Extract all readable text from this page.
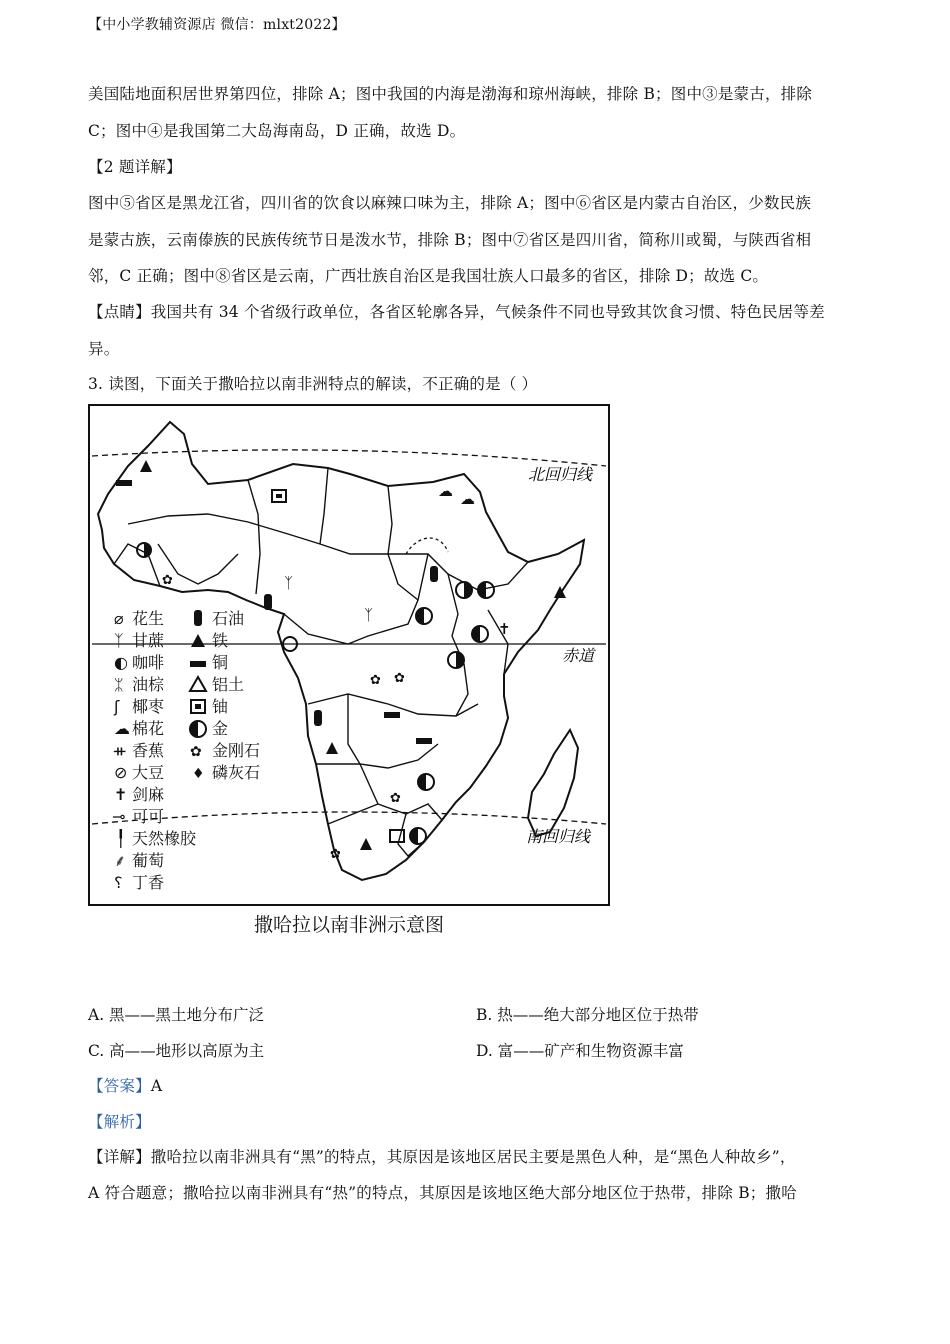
【中小学教辅资源店 微信：mlxt2022】
美国陆地面积居世界第四位，排除 A；图中我国的内海是渤海和琼州海峡，排除 B；图中③是蒙古，排除
C；图中④是我国第二大岛海南岛，D 正确，故选 D。
【2 题详解】
图中⑤省区是黑龙江省，四川省的饮食以麻辣口味为主，排除 A；图中⑥省区是内蒙古自治区，少数民族
是蒙古族，云南傣族的民族传统节日是泼水节，排除 B；图中⑦省区是四川省，简称川或蜀，与陕西省相
邻，C 正确；图中⑧省区是云南，广西壮族自治区是我国壮族人口最多的省区，排除 D；故选 C。
【点睛】我国共有 34 个省级行政单位，各省区轮廓各异，气候条件不同也导致其饮食习惯、特色民居等差
异。
3. 读图，下面关于撒哈拉以南非洲特点的解读，不正确的是（ ）
北回归线
赤道
南回归线
✿
✿ ✿
✿
✿
ᛉ
ᛉ
✝
☁ ☁
⌀ 花生
ᛉ 甘蔗
◐ 咖啡
ᛯ 油棕
ʃ 椰枣
☁ 棉花
ᚑ 香蕉
⊘ 大豆
✝ 剑麻
⊸ 可可
╿ 天然橡胶
⸙ 葡萄
⸮ 丁香
石油
铁
铜
铝土
铀
金
✿ 金刚石
♦ 磷灰石
撒哈拉以南非洲示意图
A. 黑——黑土地分布广泛	B. 热——绝大部分地区位于热带
C. 高——地形以高原为主	D. 富——矿产和生物资源丰富
【答案】A
【解析】
【详解】撒哈拉以南非洲具有“黑”的特点，其原因是该地区居民主要是黑色人种，是“黑色人种故乡”，
A 符合题意；撒哈拉以南非洲具有“热”的特点，其原因是该地区绝大部分地区位于热带，排除 B；撒哈
